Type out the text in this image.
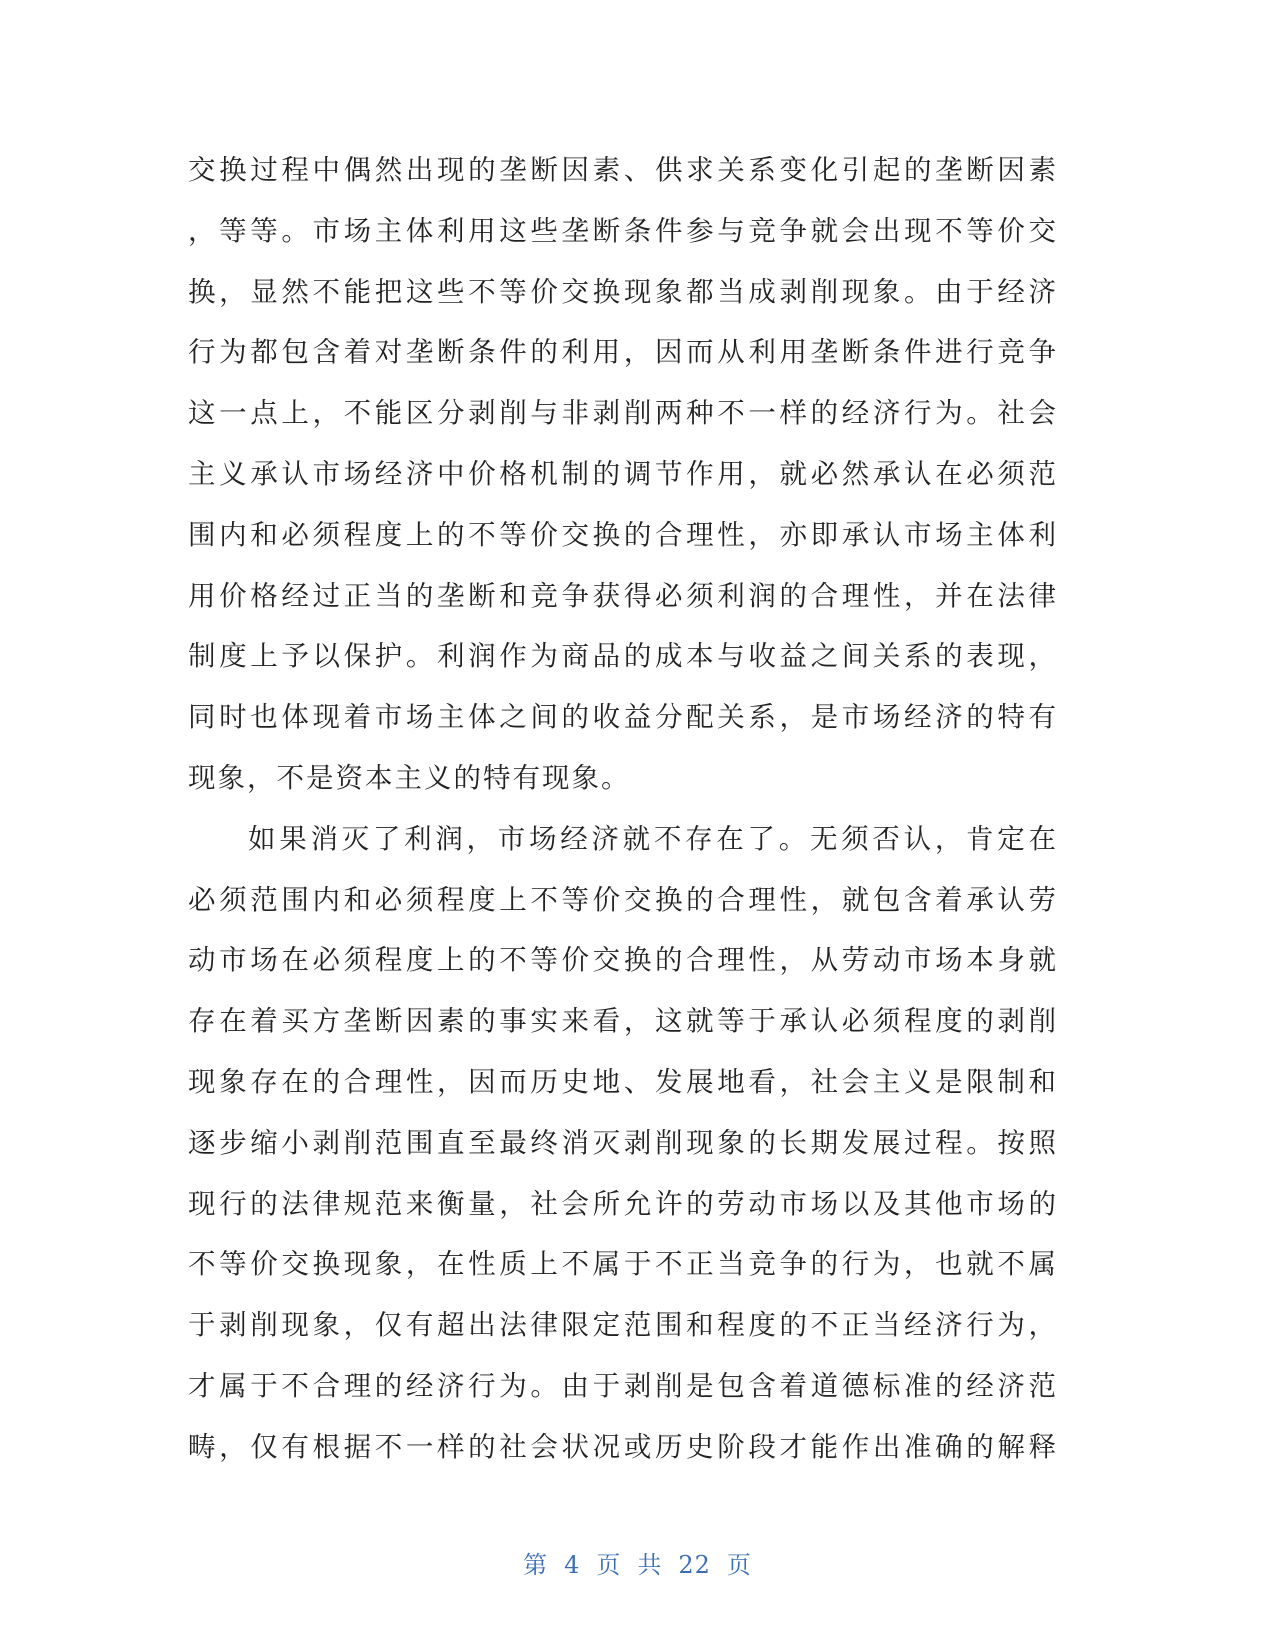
交换过程中偶然出现的垄断因素、供求关系变化引起的垄断因素
，等等。市场主体利用这些垄断条件参与竞争就会出现不等价交
换，显然不能把这些不等价交换现象都当成剥削现象。由于经济
行为都包含着对垄断条件的利用，因而从利用垄断条件进行竞争
这一点上，不能区分剥削与非剥削两种不一样的经济行为。社会
主义承认市场经济中价格机制的调节作用，就必然承认在必须范
围内和必须程度上的不等价交换的合理性，亦即承认市场主体利
用价格经过正当的垄断和竞争获得必须利润的合理性，并在法律
制度上予以保护。利润作为商品的成本与收益之间关系的表现，
同时也体现着市场主体之间的收益分配关系，是市场经济的特有
现象，不是资本主义的特有现象。
如果消灭了利润，市场经济就不存在了。无须否认，肯定在
必须范围内和必须程度上不等价交换的合理性，就包含着承认劳
动市场在必须程度上的不等价交换的合理性，从劳动市场本身就
存在着买方垄断因素的事实来看，这就等于承认必须程度的剥削
现象存在的合理性，因而历史地、发展地看，社会主义是限制和
逐步缩小剥削范围直至最终消灭剥削现象的长期发展过程。按照
现行的法律规范来衡量，社会所允许的劳动市场以及其他市场的
不等价交换现象，在性质上不属于不正当竞争的行为，也就不属
于剥削现象，仅有超出法律限定范围和程度的不正当经济行为，
才属于不合理的经济行为。由于剥削是包含着道德标准的经济范
畴，仅有根据不一样的社会状况或历史阶段才能作出准确的解释
第 4 页 共 22 页
